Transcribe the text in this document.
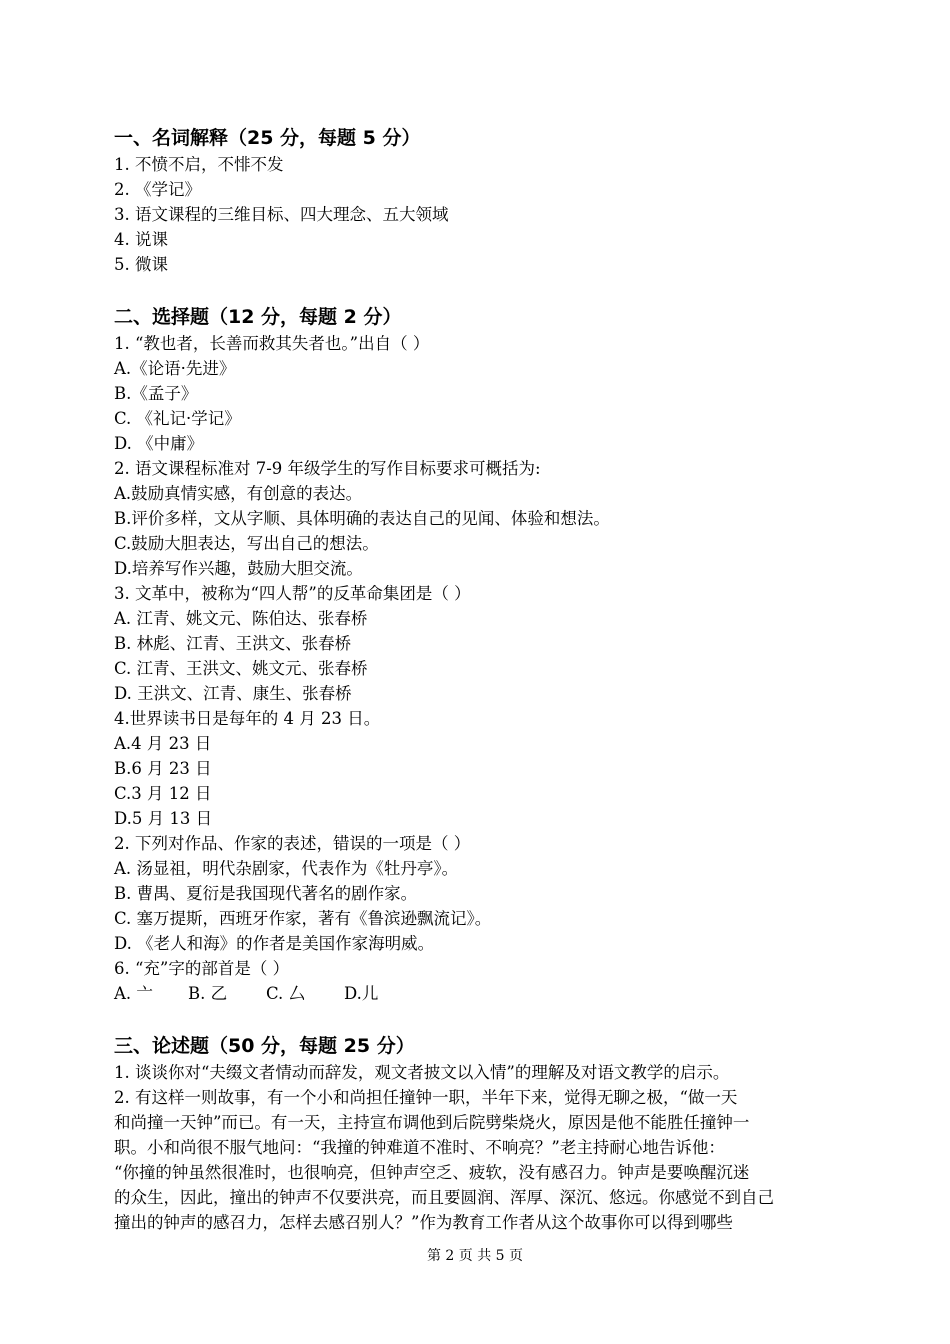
一、名词解释（25 分，每题 5 分）
1. 不愤不启，不悱不发
2. 《学记》
3. 语文课程的三维目标、四大理念、五大领域
4. 说课
5. 微课
二、选择题（12 分，每题 2 分）
1. “教也者，长善而救其失者也。”出自（ ）
A.《论语·先进》
B.《孟子》
C. 《礼记·学记》
D. 《中庸》
2. 语文课程标准对 7-9 年级学生的写作目标要求可概括为:
A.鼓励真情实感，有创意的表达。
B.评价多样，文从字顺、具体明确的表达自己的见闻、体验和想法。
C.鼓励大胆表达，写出自己的想法。
D.培养写作兴趣，鼓励大胆交流。
3. 文革中，被称为“四人帮”的反革命集团是（ ）
A. 江青、姚文元、陈伯达、张春桥
B. 林彪、江青、王洪文、张春桥
C. 江青、王洪文、姚文元、张春桥
D. 王洪文、江青、康生、张春桥
4.世界读书日是每年的 4 月 23 日。
A.4 月 23 日
B.6 月 23 日
C.3 月 12 日
D.5 月 13 日
2. 下列对作品、作家的表述，错误的一项是（ ）
A. 汤显祖，明代杂剧家，代表作为《牡丹亭》。
B. 曹禺、夏衍是我国现代著名的剧作家。
C. 塞万提斯，西班牙作家，著有《鲁滨逊飘流记》。
D. 《老人和海》的作者是美国作家海明威。
6. “充”字的部首是（ ）
A. 亠 B. 乙 C. 厶 D.儿
三、论述题（50 分，每题 25 分）
1. 谈谈你对“夫缀文者情动而辞发，观文者披文以入情”的理解及对语文教学的启示。
2. 有这样一则故事，有一个小和尚担任撞钟一职，半年下来，觉得无聊之极，“做一天
和尚撞一天钟”而已。有一天，主持宣布调他到后院劈柴烧火，原因是他不能胜任撞钟一
职。小和尚很不服气地问：“我撞的钟难道不准时、不响亮？”老主持耐心地告诉他：
“你撞的钟虽然很准时，也很响亮，但钟声空乏、疲软，没有感召力。钟声是要唤醒沉迷
的众生，因此，撞出的钟声不仅要洪亮，而且要圆润、浑厚、深沉、悠远。你感觉不到自己
撞出的钟声的感召力，怎样去感召别人？”作为教育工作者从这个故事你可以得到哪些
第 2 页 共 5 页
